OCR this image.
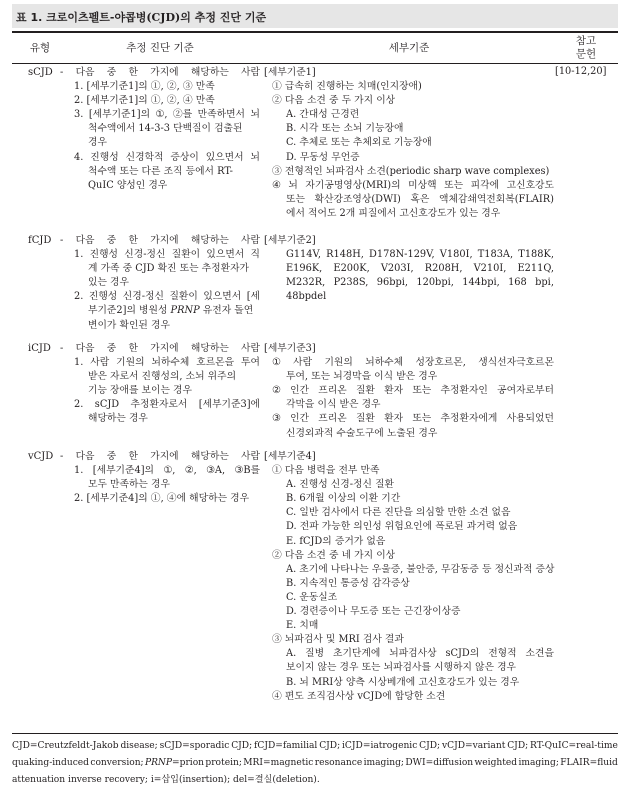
표 1. 크로이츠펠트-야콥병(CJD)의 추정 진단 기준
유형	추정 진단 기준	세부기준
참고
문헌
[10-12,20]
sCJD - 다음 중 한 가지에 해당하는 사람
1. [세부기준1]의 ①, ②, ③ 만족
2. [세부기준1]의 ①, ②, ④ 만족
3. [세부기준1]의 ①, ②를 만족하면서 뇌
척수액에서 14-3-3 단백질이 검출된
경우
4. 진행성 신경학적 증상이 있으면서 뇌
척수액 또는 다른 조직 등에서 RT-
QuIC 양성인 경우
[세부기준1]
① 급속히 진행하는 치매(인지장애)
② 다음 소견 중 두 가지 이상
A. 간대성 근경련
B. 시각 또는 소뇌 기능장애
C. 추체로 또는 추체외로 기능장애
D. 무동성 무언증
③ 전형적인 뇌파검사 소견(periodic sharp wave complexes)
④ 뇌 자기공명영상(MRI)의 미상핵 또는 피각에 고신호강도
또는 확산강조영상(DWI) 혹은 액체감쇄역전회복(FLAIR)
에서 적어도 2개 피질에서 고신호강도가 있는 경우
fCJD - 다음 중 한 가지에 해당하는 사람
1. 진행성 신경-정신 질환이 있으면서 직
계 가족 중 CJD 확진 또는 추정환자가
있는 경우
2. 진행성 신경-정신 질환이 있으면서 [세
부기준2]의 병원성 PRNP 유전자 돌연
변이가 확인된 경우
[세부기준2]
G114V, R148H, D178N-129V, V180I, T183A, T188K,
E196K, E200K, V203I, R208H, V210I, E211Q,
M232R, P238S, 96bpi, 120bpi, 144bpi, 168 bpi,
48bpdel
iCJD - 다음 중 한 가지에 해당하는 사람
1. 사람 기원의 뇌하수체 호르몬을 투여
받은 자로서 진행성의, 소뇌 위주의
기능 장애를 보이는 경우
2. sCJD 추정환자로서 [세부기준3]에
해당하는 경우
[세부기준3]
① 사람 기원의 뇌하수체 성장호르몬, 생식선자극호르몬
투여, 또는 뇌경막을 이식 받은 경우
② 인간 프리온 질환 환자 또는 추정환자인 공여자로부터
각막을 이식 받은 경우
③ 인간 프리온 질환 환자 또는 추정환자에게 사용되었던
신경외과적 수술도구에 노출된 경우
vCJD - 다음 중 한 가지에 해당하는 사람
1. [세부기준4]의 ①, ②, ③A, ③B를
모두 만족하는 경우
2. [세부기준4]의 ①, ④에 해당하는 경우
[세부기준4]
① 다음 병력을 전부 만족
A. 진행성 신경-정신 질환
B. 6개월 이상의 이환 기간
C. 일반 검사에서 다른 진단을 의심할 만한 소견 없음
D. 전파 가능한 의인성 위험요인에 폭로된 과거력 없음
E. fCJD의 증거가 없음
② 다음 소견 중 네 가지 이상
A. 초기에 나타나는 우울증, 불안증, 무감동증 등 정신과적 증상
B. 지속적인 통증성 감각증상
C. 운동실조
D. 경련증이나 무도증 또는 근긴장이상증
E. 치매
③ 뇌파검사 및 MRI 검사 결과
A. 질병 초기단계에 뇌파검사상 sCJD의 전형적 소견을
보이지 않는 경우 또는 뇌파검사를 시행하지 않은 경우
B. 뇌 MRI상 양측 시상베개에 고신호강도가 있는 경우
④ 편도 조직검사상 vCJD에 합당한 소견
CJD=Creutzfeldt-Jakob disease; sCJD=sporadic CJD; fCJD=familial CJD; iCJD=iatrogenic CJD; vCJD=variant CJD; RT-QuIC=real-time
quaking-induced conversion; PRNP=prion protein; MRI=magnetic resonance imaging; DWI=diffusion weighted imaging; FLAIR=fluid
attenuation inverse recovery; i=삽입(insertion); del=결실(deletion).
